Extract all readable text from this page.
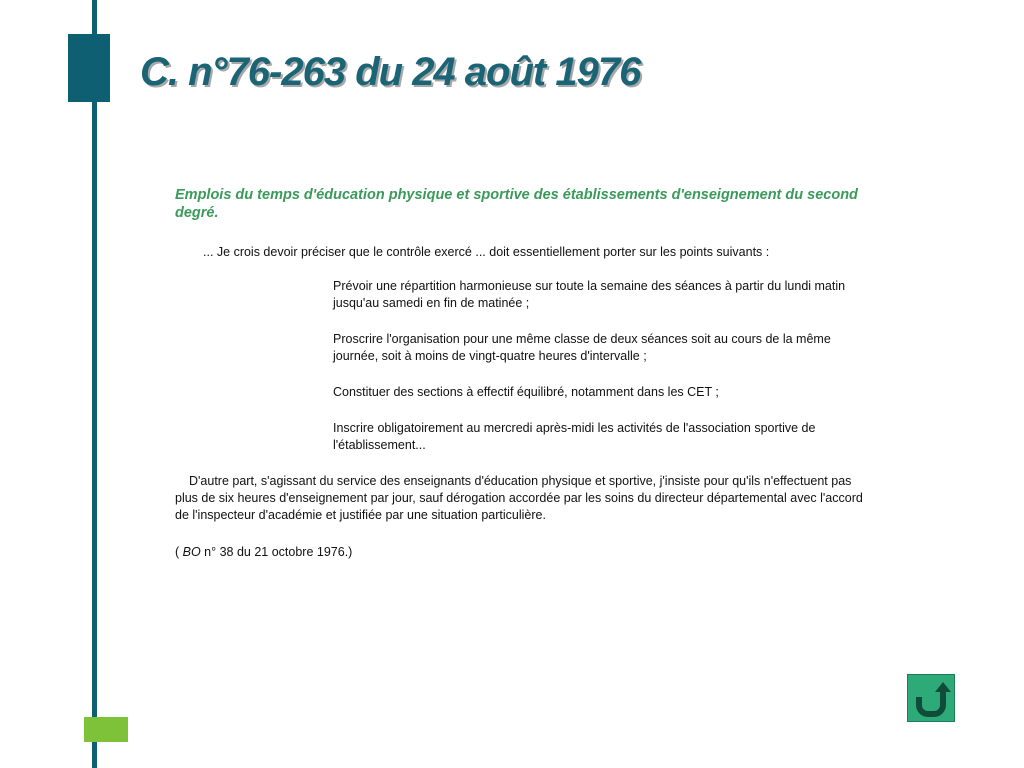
C. n°76-263 du 24 août 1976

Emplois du temps d'éducation physique et sportive des établissements d'enseignement du second degré.

... Je crois devoir préciser que le contrôle exercé ... doit essentiellement porter sur les points suivants :

Prévoir une répartition harmonieuse sur toute la semaine des séances à partir du lundi matin jusqu'au samedi en fin de matinée ;

Proscrire l'organisation pour une même classe de deux séances soit au cours de la même journée, soit à moins de vingt-quatre heures d'intervalle ;

Constituer des sections à effectif équilibré, notamment dans les CET ;

Inscrire obligatoirement au mercredi après-midi les activités de l'association sportive de l'établissement...

D'autre part, s'agissant du service des enseignants d'éducation physique et sportive, j'insiste pour qu'ils n'effectuent pas plus de six heures d'enseignement par jour, sauf dérogation accordée par les soins du directeur départemental avec l'accord de l'inspecteur d'académie et justifiée par une situation particulière.

( BO n° 38 du 21 octobre 1976.)
